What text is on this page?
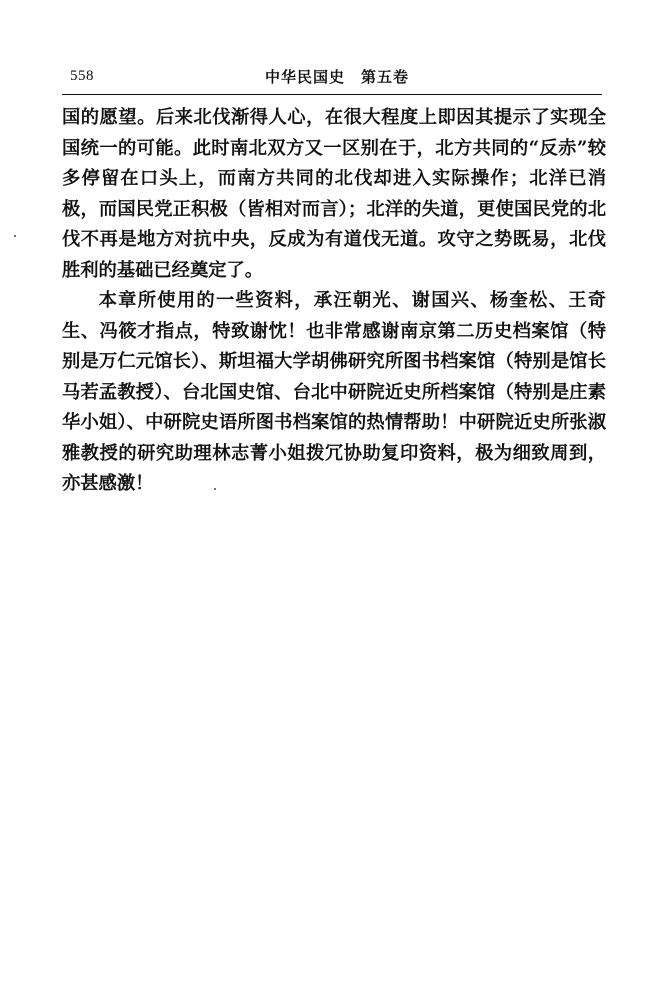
558	中华民国史　第五卷

国的愿望。后来北伐渐得人心，在很大程度上即因其提示了实现全国统一的可能。此时南北双方又一区别在于，北方共同的“反赤”较多停留在口头上，而南方共同的北伐却进入实际操作；北洋已消极，而国民党正积极（皆相对而言）；北洋的失道，更使国民党的北伐不再是地方对抗中央，反成为有道伐无道。攻守之势既易，北伐胜利的基础已经奠定了。

本章所使用的一些资料，承汪朝光、谢国兴、杨奎松、王奇生、冯筱才指点，特致谢忱！也非常感谢南京第二历史档案馆（特别是万仁元馆长）、斯坦福大学胡佛研究所图书档案馆（特别是馆长马若孟教授）、台北国史馆、台北中研院近史所档案馆（特别是庄素华小姐）、中研院史语所图书档案馆的热情帮助！中研院近史所张淑雅教授的研究助理林志菁小姐拨冗协助复印资料，极为细致周到，亦甚感激！
